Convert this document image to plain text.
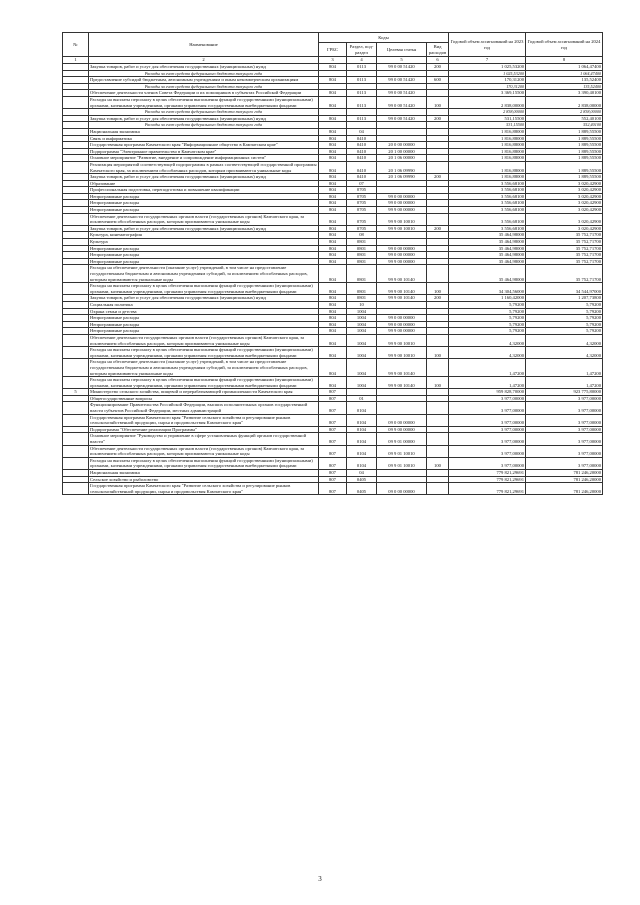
№	Наименование	Коды				Годовой объем ассигнований на 2023 год	Годовой объем ассигнований на 2024 год
		ГРБС	Раздел, под-раздел	Целевая статья	Вид расходов		
1	2	3	4	5	6	7	8
	Закупка товаров, работ и услуг для обеспечения государственных (муниципальных) нужд	804	0113	99 0 00 51420	200	1 025,53200	1 064,47400
	Расходы за счет средств федерального бюджета текущего года					1 025,53200	1 064,47400
	Предоставление субсидий бюджетным, автономным учреждениям и иным некоммерческим организациям	804	0113	99 0 00 51420	600	170,31200	135,52400
	Расходы за счет средств федерального бюджета текущего года					170,31200	135,52400
	Обеспечение деятельности членов Совета Федерации и их помощников в субъектах Российской Федерации	804	0113	99 0 00 51420		3 369,15500	3 390,40100
	Расходы на выплаты персоналу в целях обеспечения выполнения функций государственными (муниципальными) органами, казенными учреждениями, органами управления государственными внебюджетными фондами	804	0113	99 0 00 51420	100	2 838,00000	2 838,00000
	Расходы за счет средств федерального бюджета текущего года					2 838,00000	2 838,00000
	Закупка товаров, работ и услуг для обеспечения государственных (муниципальных) нужд	804	0113	99 0 00 51420	200	531,15500	552,40100
	Расходы за счет средств федерального бюджета текущего года					531,15500	552,40100
	Национальная экономика	804	04			1 816,88000	1 889,55500
	Связь и информатика	804	0410			1 816,88000	1 889,55500
	Государственная программа Камчатского края "Информационное общество в Камчатском крае"	804	0410	20 0 00 00000		1 816,88000	1 889,55500
	Подпрограмма "Электронное правительство в Камчатском крае"	804	0410	20 1 00 00000		1 816,88000	1 889,55500
	Основное мероприятие "Развитие, внедрение и сопровождение информационных систем"	804	0410	20 1 06 00000		1 816,88000	1 889,55500
	Реализация мероприятий соответствующей подпрограммы в рамках соответствующей государственной программы Камчатского края, за исключением обособленных расходов, которым присваиваются уникальные коды	804	0410	20 1 06 09990		1 816,88000	1 889,55500
	Закупка товаров, работ и услуг для обеспечения государственных (муниципальных) нужд	804	0410	20 1 06 09990	200	1 816,88000	1 889,55500
	Образование	804	07			3 556,68100	3 020,42900
	Профессиональная подготовка, переподготовка и повышение квалификации	804	0705			3 556,68100	3 020,42900
	Непрограммные расходы	804	0705	99 0 00 00000		3 556,68100	3 020,42900
	Непрограммные расходы	804	0705	99 0 00 00000		3 556,68100	3 020,42900
	Непрограммные расходы	804	0705	99 9 00 00000		3 556,68100	3 020,42900
	Обеспечение деятельности государственных органов власти (государственных органов) Камчатского края, за исключением обособленных расходов, которым присваиваются уникальные коды	804	0705	99 9 00 10010		3 556,68100	3 020,42900
	Закупка товаров, работ и услуг для обеспечения государственных (муниципальных) нужд	804	0705	99 9 00 10010	200	3 556,68100	3 020,42900
	Культура, кинематография	804	08			35 464,98000	35 752,71700
	Культура	804	0801			35 464,98000	35 752,71700
	Непрограммные расходы	804	0801	99 0 00 00000		35 464,98000	35 752,71700
	Непрограммные расходы	804	0801	99 0 00 00000		35 464,98000	35 752,71700
	Непрограммные расходы	804	0801	99 9 00 00000		35 464,98000	35 752,71700
	Расходы на обеспечение деятельности (оказание услуг) учреждений, в том числе на предоставление государственным бюджетным и автономным учреждениям субсидий, за исключением обособленных расходов, которым присваиваются уникальные коды	804	0801	99 9 00 10140		35 464,98000	35 752,71700
	Расходы на выплаты персоналу в целях обеспечения выполнения функций государственными (муниципальными) органами, казенными учреждениями, органами управления государственными внебюджетными фондами	804	0801	99 9 00 10140	100	34 304,56000	34 544,97000
	Закупка товаров, работ и услуг для обеспечения государственных (муниципальных) нужд	804	0801	99 9 00 10140	200	1 160,42000	1 207,73800
	Социальная политика	804	10			5,79200	5,79200
	Охрана семьи и детства	804	1004			5,79200	5,79200
	Непрограммные расходы	804	1004	99 0 00 00000		5,79200	5,79200
	Непрограммные расходы	804	1004	99 0 00 00000		5,79200	5,79200
	Непрограммные расходы	804	1004	99 9 00 00000		5,79200	5,79200
	Обеспечение деятельности государственных органов власти (государственных органов) Камчатского края, за исключением обособленных расходов, которым присваиваются уникальные коды	804	1004	99 9 00 10010		4,32000	4,32000
	Расходы на выплаты персоналу в целях обеспечения выполнения функций государственными (муниципальными) органами, казенными учреждениями, органами управления государственными внебюджетными фондами	804	1004	99 9 00 10010	100	4,32000	4,32000
	Расходы на обеспечение деятельности (оказание услуг) учреждений, в том числе на предоставление государственным бюджетным и автономным учреждениям субсидий, за исключением обособленных расходов, которым присваиваются уникальные коды	804	1004	99 9 00 10140		1,47200	1,47200
	Расходы на выплаты персоналу в целях обеспечения выполнения функций государственными (муниципальными) органами, казенными учреждениями, органами управления государственными внебюджетными фондами	804	1004	99 9 00 10140	100	1,47200	1,47200
5	Министерство сельского хозяйства, пищевой и перерабатывающей промышленности Камчатского края	807				959 828,70000	923 775,80000
	Общегосударственные вопросы	807	01			3 977,00000	3 977,00000
	Функционирование Правительства Российской Федерации, высших исполнительных органов государственной власти субъектов Российской Федерации, местных администраций	807	0104			3 977,00000	3 977,00000
	Государственная программа Камчатского края "Развитие сельского хозяйства и регулирование рынков сельскохозяйственной продукции, сырья и продовольствия Камчатского края"	807	0104	09 0 00 00000		3 977,00000	3 977,00000
	Подпрограмма "Обеспечение реализации Программы"	807	0104	09 9 00 00000		3 977,00000	3 977,00000
	Основное мероприятие "Руководство и управление в сфере установленных функций органов государственной власти"	807	0104	09 9 01 00000		3 977,00000	3 977,00000
	Обеспечение деятельности государственных органов власти (государственных органов) Камчатского края, за исключением обособленных расходов, которым присваиваются уникальные коды	807	0104	09 9 01 10010		3 977,00000	3 977,00000
	Расходы на выплаты персоналу в целях обеспечения выполнения функций государственными (муниципальными) органами, казенными учреждениями, органами управления государственными внебюджетными фондами	807	0104	09 9 01 10010	100	3 977,00000	3 977,00000
	Национальная экономика	807	04			779 821,29691	781 246,20000
	Сельское хозяйство и рыболовство	807	0405			779 821,29691	781 246,20000
	Государственная программа Камчатского края "Развитие сельского хозяйства и регулирование рынков сельскохозяйственной продукции, сырья и продовольствия Камчатского края"	807	0405	09 0 00 00000		779 821,29691	781 246,20000
3
